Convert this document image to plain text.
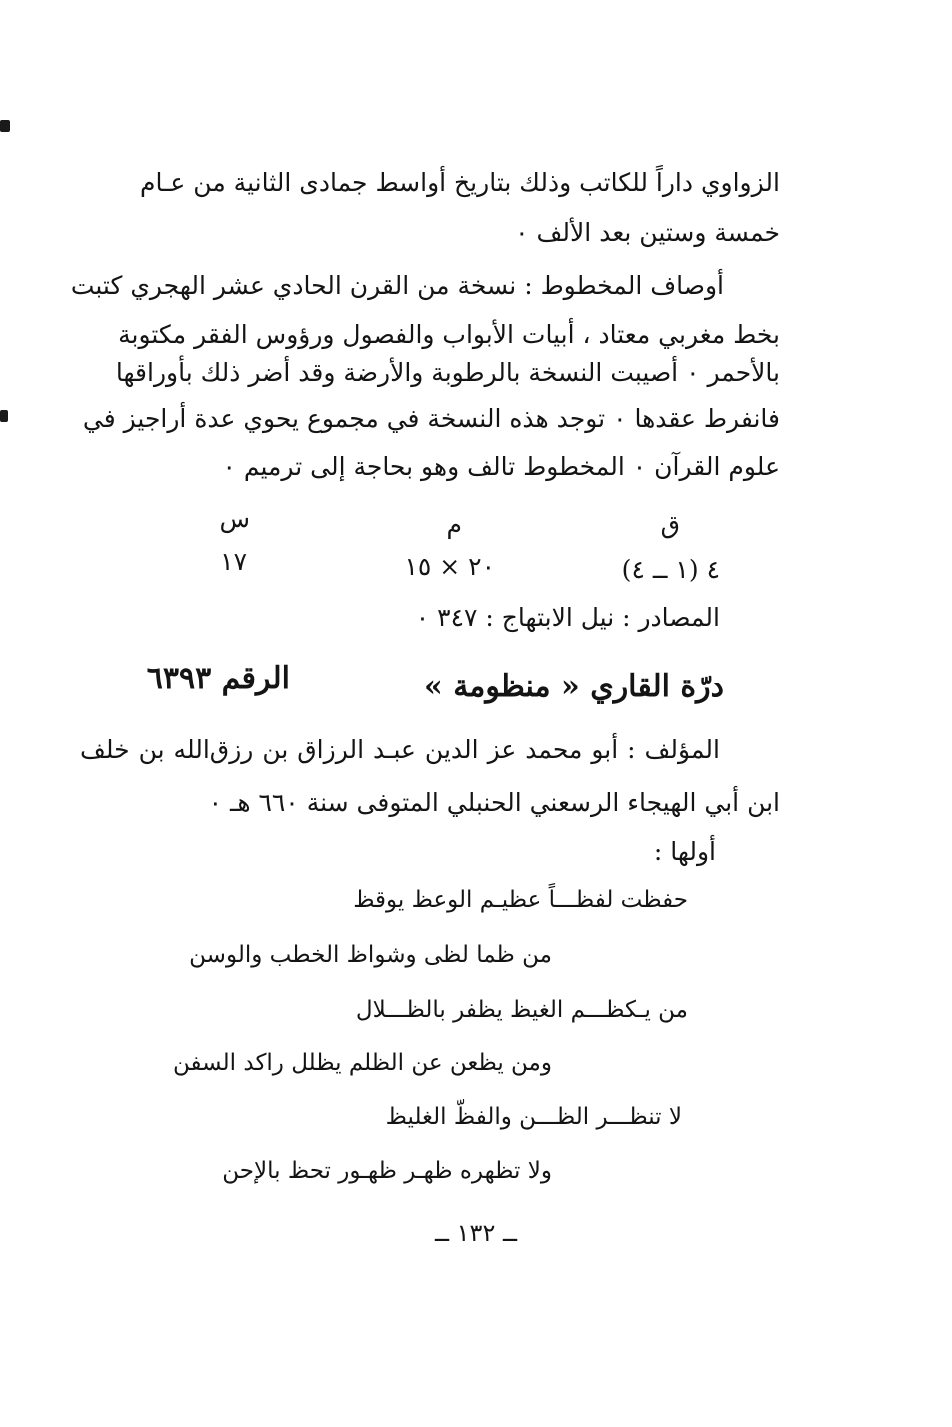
الزواوي داراً للكاتب وذلك بتاريخ أواسط جمادى الثانية من عـام
خمسة وستين بعد الألف ٠
أوصاف المخطوط : نسخة من القرن الحادي عشر الهجري كتبت
بخط مغربي معتاد ، أبيات الأبواب والفصول ورؤوس الفقر مكتوبة
بالأحمر ٠ أصيبت النسخة بالرطوبة والأرضة وقد أضر ذلك بأوراقها
فانفرط عقدها ٠ توجد هذه النسخة في مجموع يحوي عدة أراجيز في
علوم القرآن ٠ المخطوط تالف وهو بحاجة إلى ترميم ٠
ق
م
س
٤ (١ ــ ٤)
٢٠ × ١٥
١٧
المصادر : نيل الابتهاج : ٣٤٧ ٠
درّة القاري « منظومة »
الرقم ٦٣٩٣
المؤلف : أبو محمد عز الدين عبـد الرزاق بن رزق‌الله بن خلف
ابن أبي الهيجاء الرسعني الحنبلي المتوفى سنة ٦٦٠ هـ ٠
أولها :
حفظت لفظـــاً عظيـم الوعظ يوقظ
من ظما لظى وشواظ الخطب والوسن
من يـكظـــم الغيظ يظفر بالظـــلال
ومن يظعن عن الظلم يظلل راكد السفن
لا تنظـــر الظـــن والفظّ الغليظ
ولا تظهره ظهـر ظهـور تحظ بالإحن
ــ ١٣٢ ــ
